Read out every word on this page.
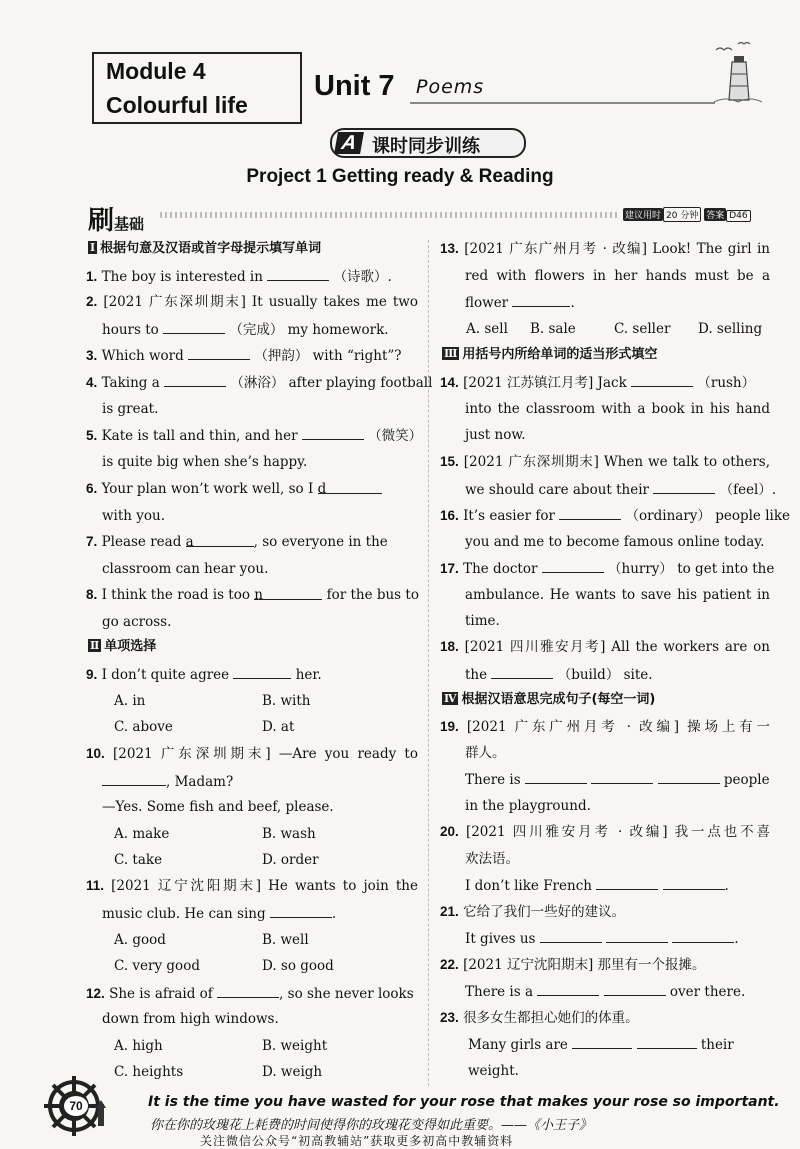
Module 4
Colourful life
Unit 7 Poems
A 课时同步训练
Project 1 Getting ready & Reading
刷基础	建议用时 20 分钟 答案 D46
Ⅰ 根据句意及汉语或首字母提示填写单词
1. The boy is interested in	（诗歌）.
2. [2021 广东深圳期末] It usually takes me two
hours to	（完成） my homework.
3. Which word	（押韵） with “right”?
4. Taking a	（淋浴） after playing football
is great.
5. Kate is tall and thin, and her	（微笑）
is quite big when she’s happy.
6. Your plan won’t work well, so I d
with you.
7. Please read a	, so everyone in the
classroom can hear you.
8. I think the road is too n	for the bus to
go across.
Ⅱ 单项选择
9. I don’t quite agree	her.
A. in	B. with
C. above	D. at
10. [2021 广东深圳期末] —Are you ready to
, Madam?
—Yes. Some fish and beef, please.
A. make	B. wash
C. take	D. order
11. [2021 辽宁沈阳期末] He wants to join the
music club. He can sing	.
A. good	B. well
C. very good	D. so good
12. She is afraid of	, so she never looks
down from high windows.
A. high	B. weight
C. heights	D. weigh
13. [2021 广东广州月考 · 改编] Look! The girl in
red with flowers in her hands must be a
flower	.
A. sell B. sale	C. seller D. selling
Ⅲ 用括号内所给单词的适当形式填空
14. [2021 江苏镇江月考] Jack	（rush）
into the classroom with a book in his hand
just now.
15. [2021 广东深圳期末] When we talk to others,
we should care about their	（feel）.
16. It’s easier for	（ordinary） people like
you and me to become famous online today.
17. The doctor	（hurry） to get into the
ambulance. He wants to save his patient in
time.
18. [2021 四川雅安月考] All the workers are on
the	（build） site.
Ⅳ 根据汉语意思完成句子(每空一词)
19. [2021 广东广州月考 · 改编] 操场上有一
群人。
There is	people
in the playground.
20. [2021 四川雅安月考 · 改编] 我一点也不喜
欢法语。
I don’t like French	.
21. 它给了我们一些好的建议。
It gives us	.
22. [2021 辽宁沈阳期末] 那里有一个报摊。
There is a	over there.
23. 很多女生都担心她们的体重。
Many girls are	their
weight.
70	It is the time you have wasted for your rose that makes your rose so important.
你在你的玫瑰花上耗费的时间使得你的玫瑰花变得如此重要。——《小王子》
关注微信公众号“初高教辅站”获取更多初高中教辅资料
